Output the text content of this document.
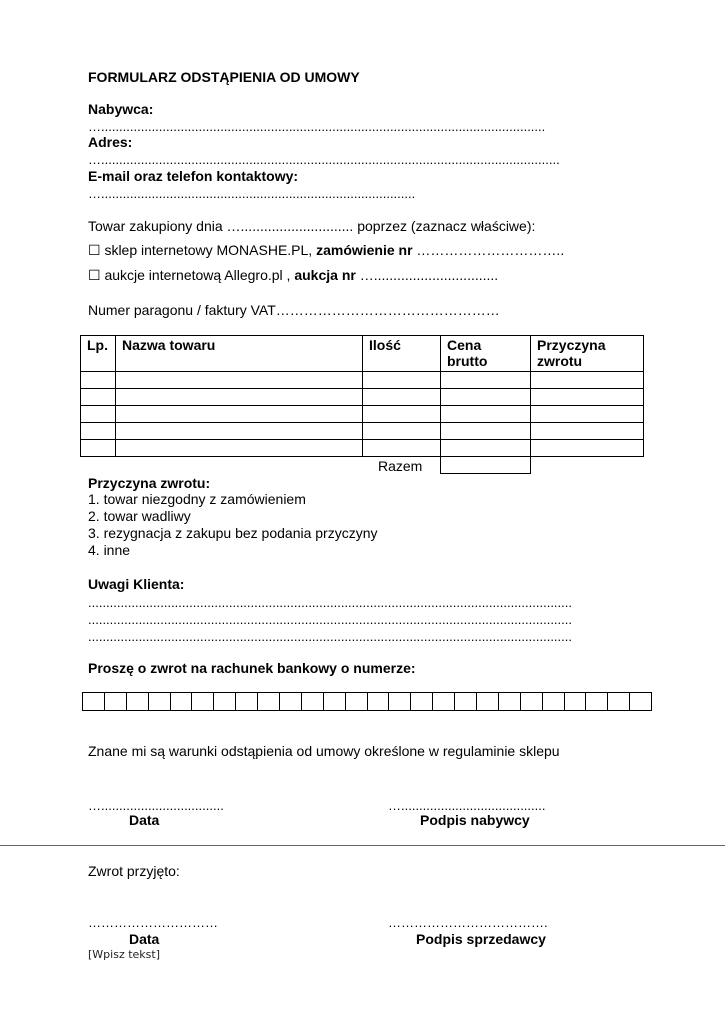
FORMULARZ ODSTĄPIENIA OD UMOWY
Nabywca:
…...........................................................................................................................
Adres:
…...............................................................................................................................
E-mail oraz telefon kontaktowy:
….......................................................................................
Towar zakupiony dnia …............................. poprzez (zaznacz właściwe):
☐ sklep internetowy MONASHE.PL, zamówienie nr …………………………..
☐ aukcje internetową Allegro.pl , aukcja nr …................................
Numer paragonu / faktury VAT…………………………………………
Lp.	Nazwa towaru	Ilość	Cena brutto	Przyczyna zwrotu

Razem
Przyczyna zwrotu:
1. towar niezgodny z zamówieniem
2. towar wadliwy
3. rezygnacja z zakupu bez podania przyczyny
4. inne
Uwagi Klienta:
......................................................................................................................................
......................................................................................................................................
......................................................................................................................................
Proszę o zwrot na rachunek bankowy o numerze:
Znane mi są warunki odstąpienia od umowy określone w regulaminie sklepu
…..................................
Data
…........................................
Podpis nabywcy
Zwrot przyjęto:
…………………………
Data
……………………………….
Podpis sprzedawcy
[Wpisz tekst]
